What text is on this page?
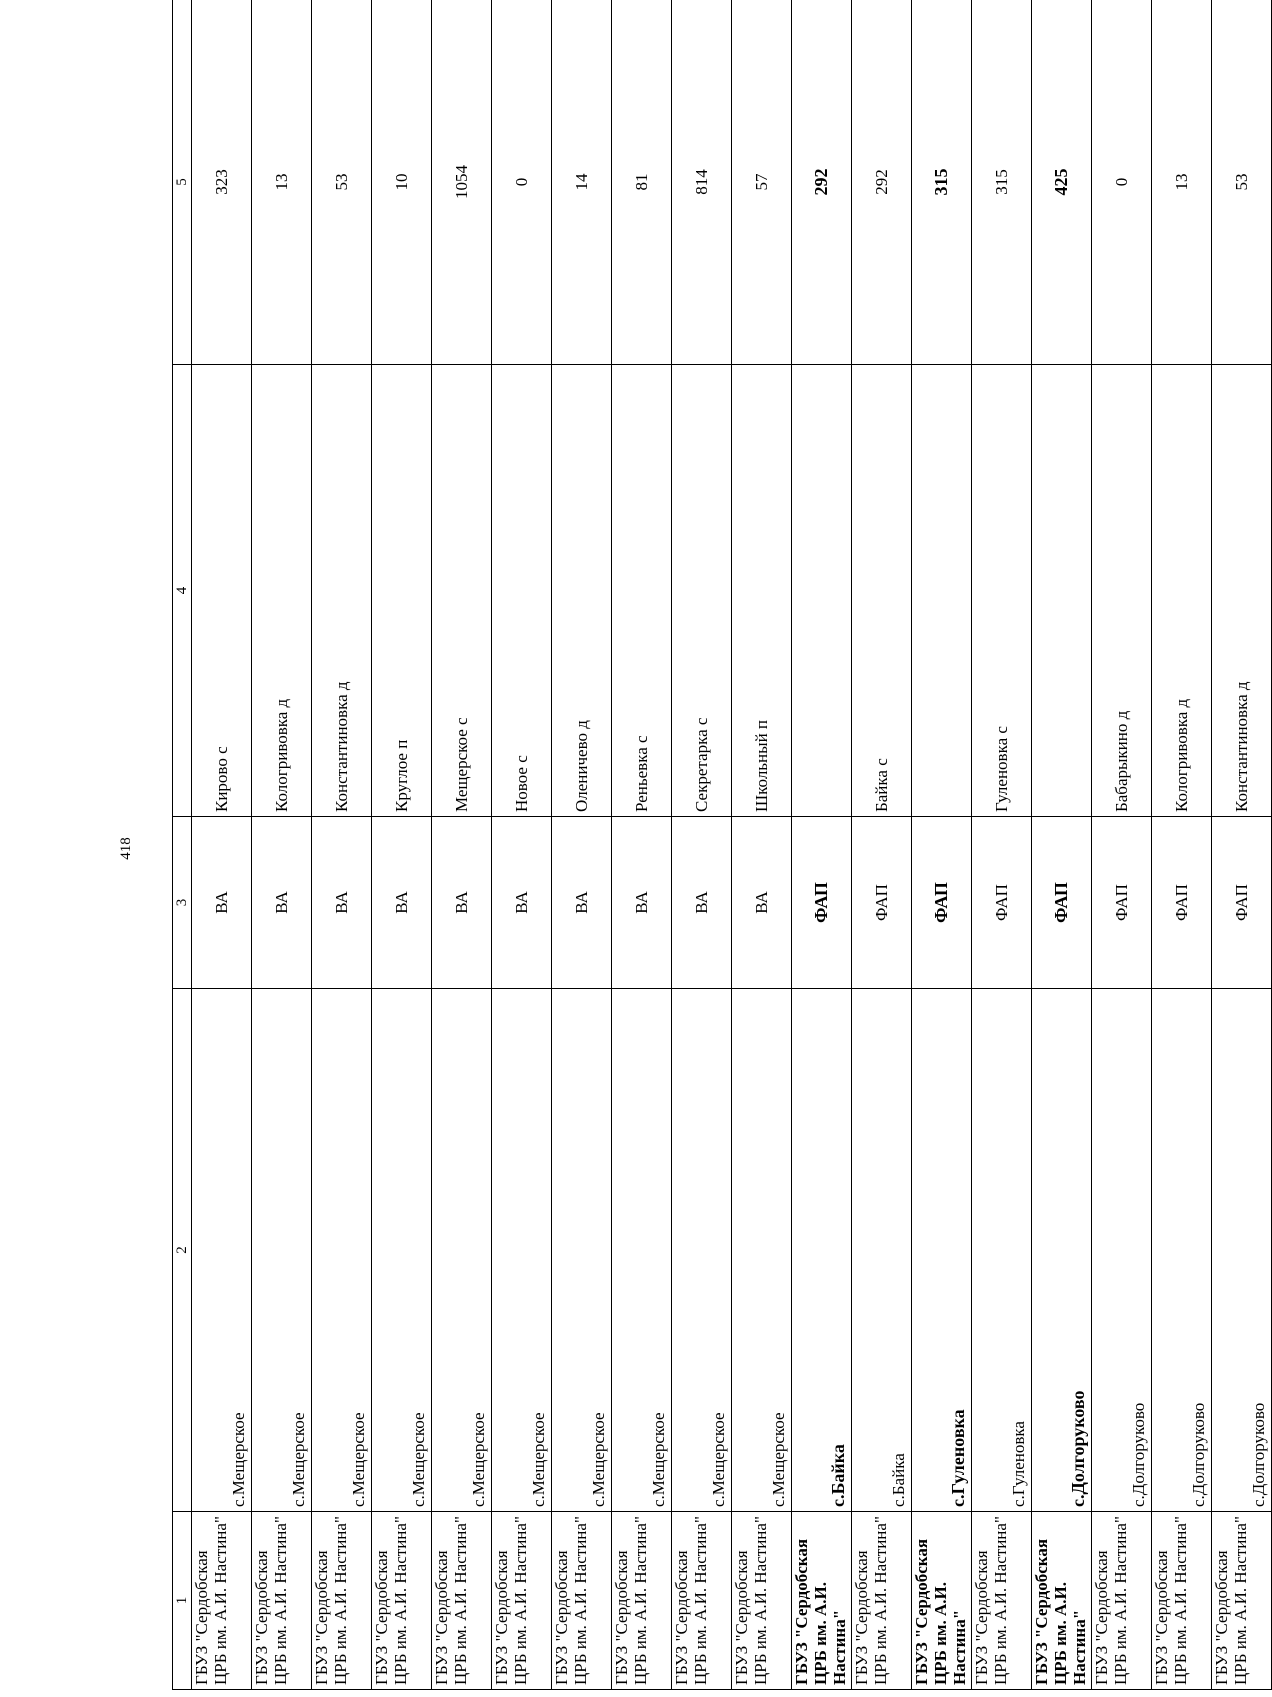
418
1	2	3	4	5
ГБУЗ "Сердобская ЦРБ им. А.И. Настина"	с.Мещерское	ВА	Кирово с	323
ГБУЗ "Сердобская ЦРБ им. А.И. Настина"	с.Мещерское	ВА	Кологривовка д	13
ГБУЗ "Сердобская ЦРБ им. А.И. Настина"	с.Мещерское	ВА	Константиновка д	53
ГБУЗ "Сердобская ЦРБ им. А.И. Настина"	с.Мещерское	ВА	Круглое п	10
ГБУЗ "Сердобская ЦРБ им. А.И. Настина"	с.Мещерское	ВА	Мещерское с	1054
ГБУЗ "Сердобская ЦРБ им. А.И. Настина"	с.Мещерское	ВА	Новое с	0
ГБУЗ "Сердобская ЦРБ им. А.И. Настина"	с.Мещерское	ВА	Оленичево д	14
ГБУЗ "Сердобская ЦРБ им. А.И. Настина"	с.Мещерское	ВА	Реньевка с	81
ГБУЗ "Сердобская ЦРБ им. А.И. Настина"	с.Мещерское	ВА	Секретарка с	814
ГБУЗ "Сердобская ЦРБ им. А.И. Настина"	с.Мещерское	ВА	Школьный п	57
ГБУЗ "Сердобская ЦРБ им. А.И. Настина"	с.Байка	ФАП		292
ГБУЗ "Сердобская ЦРБ им. А.И. Настина"	с.Байка	ФАП	Байка с	292
ГБУЗ "Сердобская ЦРБ им. А.И. Настина"	с.Гуленовка	ФАП		315
ГБУЗ "Сердобская ЦРБ им. А.И. Настина"	с.Гуленовка	ФАП	Гуленовка с	315
ГБУЗ "Сердобская ЦРБ им. А.И. Настина"	с.Долгоруково	ФАП		425
ГБУЗ "Сердобская ЦРБ им. А.И. Настина"	с.Долгоруково	ФАП	Бабарыкино д	0
ГБУЗ "Сердобская ЦРБ им. А.И. Настина"	с.Долгоруково	ФАП	Кологривовка д	13
ГБУЗ "Сердобская ЦРБ им. А.И. Настина"	с.Долгоруково	ФАП	Константиновка д	53
